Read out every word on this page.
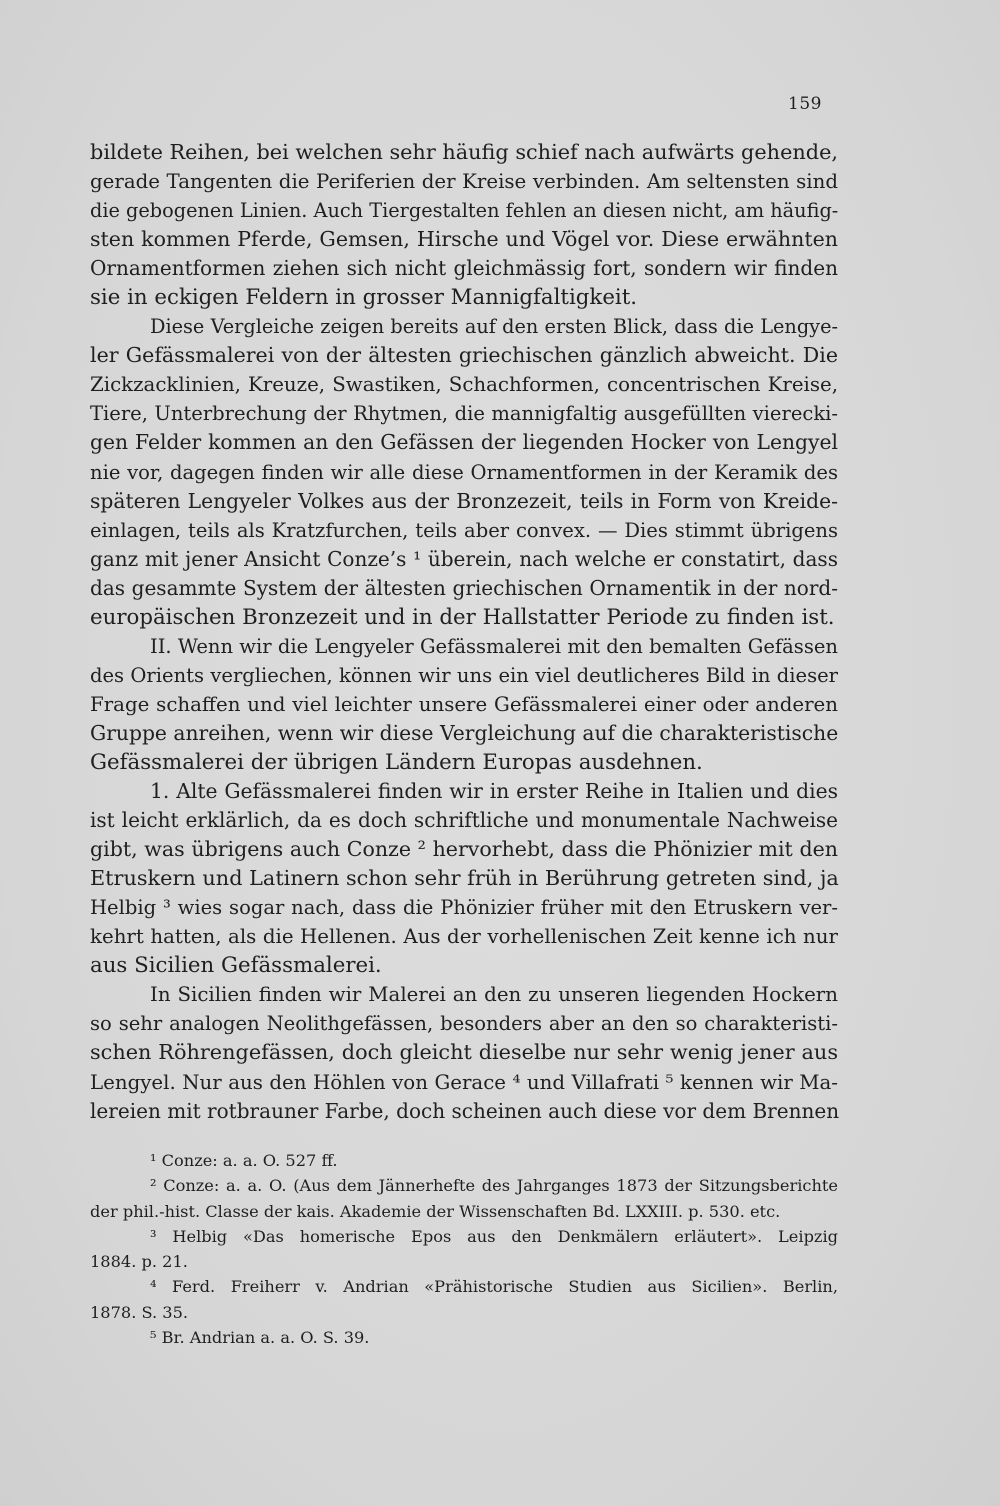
159
bildete Reihen, bei welchen sehr häufig schief nach aufwärts gehende,
gerade Tangenten die Periferien der Kreise verbinden. Am seltensten sind
die gebogenen Linien. Auch Tiergestalten fehlen an diesen nicht, am häufig-
sten kommen Pferde, Gemsen, Hirsche und Vögel vor. Diese erwähnten
Ornamentformen ziehen sich nicht gleichmässig fort, sondern wir finden
sie in eckigen Feldern in grosser Mannigfaltigkeit.
Diese Vergleiche zeigen bereits auf den ersten Blick, dass die Lengye-
ler Gefässmalerei von der ältesten griechischen gänzlich abweicht. Die
Zickzacklinien, Kreuze, Swastiken, Schachformen, concentrischen Kreise,
Tiere, Unterbrechung der Rhytmen, die mannigfaltig ausgefüllten vierecki-
gen Felder kommen an den Gefässen der liegenden Hocker von Lengyel
nie vor, dagegen finden wir alle diese Ornamentformen in der Keramik des
späteren Lengyeler Volkes aus der Bronzezeit, teils in Form von Kreide-
einlagen, teils als Kratzfurchen, teils aber convex. — Dies stimmt übrigens
ganz mit jener Ansicht Conze’s ¹ überein, nach welche er constatirt, dass
das gesammte System der ältesten griechischen Ornamentik in der nord-
europäischen Bronzezeit und in der Hallstatter Periode zu finden ist.
II. Wenn wir die Lengyeler Gefässmalerei mit den bemalten Gefässen
des Orients vergliechen, können wir uns ein viel deutlicheres Bild in dieser
Frage schaffen und viel leichter unsere Gefässmalerei einer oder anderen
Gruppe anreihen, wenn wir diese Vergleichung auf die charakteristische
Gefässmalerei der übrigen Ländern Europas ausdehnen.
1. Alte Gefässmalerei finden wir in erster Reihe in Italien und dies
ist leicht erklärlich, da es doch schriftliche und monumentale Nachweise
gibt, was übrigens auch Conze ² hervorhebt, dass die Phönizier mit den
Etruskern und Latinern schon sehr früh in Berührung getreten sind, ja
Helbig ³ wies sogar nach, dass die Phönizier früher mit den Etruskern ver-
kehrt hatten, als die Hellenen. Aus der vorhellenischen Zeit kenne ich nur
aus Sicilien Gefässmalerei.
In Sicilien finden wir Malerei an den zu unseren liegenden Hockern
so sehr analogen Neolithgefässen, besonders aber an den so charakteristi-
schen Röhrengefässen, doch gleicht dieselbe nur sehr wenig jener aus
Lengyel. Nur aus den Höhlen von Gerace ⁴ und Villafrati ⁵ kennen wir Ma-
lereien mit rotbrauner Farbe, doch scheinen auch diese vor dem Brennen
¹ Conze: a. a. O. 527 ff.
² Conze: a. a. O. (Aus dem Jännerhefte des Jahrganges 1873 der Sitzungsberichte
der phil.-hist. Classe der kais. Akademie der Wissenschaften Bd. LXXIII. p. 530. etc.
³ Helbig «Das homerische Epos aus den Denkmälern erläutert». Leipzig
1884. p. 21.
⁴ Ferd. Freiherr v. Andrian «Prähistorische Studien aus Sicilien». Berlin,
1878. S. 35.
⁵ Br. Andrian a. a. O. S. 39.
